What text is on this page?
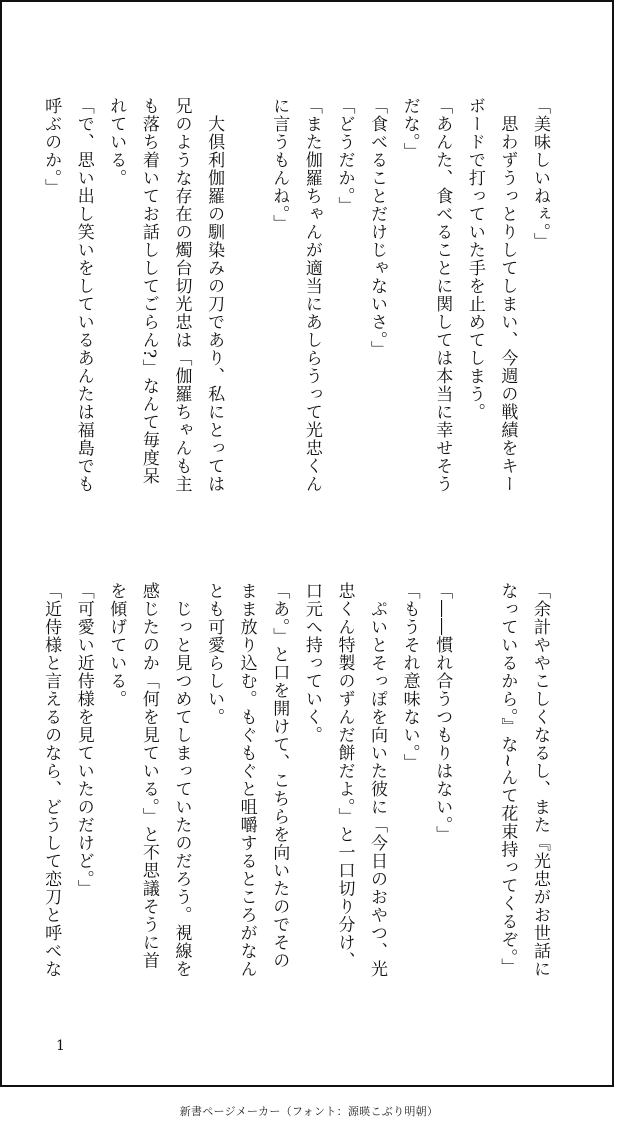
「美味しいねぇ。」
　思わずうっとりしてしまい、今週の戦績をキー
ボードで打っていた手を止めてしまう。
「あんた、食べることに関しては本当に幸せそう
だな。」
「食べることだけじゃないさ。」
「どうだか。」
「また伽羅ちゃんが適当にあしらうって光忠くん
に言うもんね。」

　大倶利伽羅の馴染みの刀であり、私にとっては
兄のような存在の燭台切光忠は「伽羅ちゃんも主
も落ち着いてお話ししてごらん?」なんて毎度呆
れている。
「で、思い出し笑いをしているあんたは福島でも
呼ぶのか。」
「余計ややこしくなるし、また『光忠がお世話に
なっているから。』な~んて花束持ってくるぞ。」

「――慣れ合うつもりはない。」
「もうそれ意味ない。」
　ぷいとそっぽを向いた彼に「今日のおやつ、光
忠くん特製のずんだ餅だよ。」と一口切り分け、
口元へ持っていく。
「あ。」と口を開けて、こちらを向いたのでその
まま放り込む。もぐもぐと咀嚼するところがなん
とも可愛らしい。
　じっと見つめてしまっていたのだろう。視線を
感じたのか「何を見ている。」と不思議そうに首
を傾げている。
「可愛い近侍様を見ていたのだけど。」
「近侍様と言えるのなら、どうして恋刀と呼べな
1
新書ページメーカー（フォント：源暎こぶり明朝）
